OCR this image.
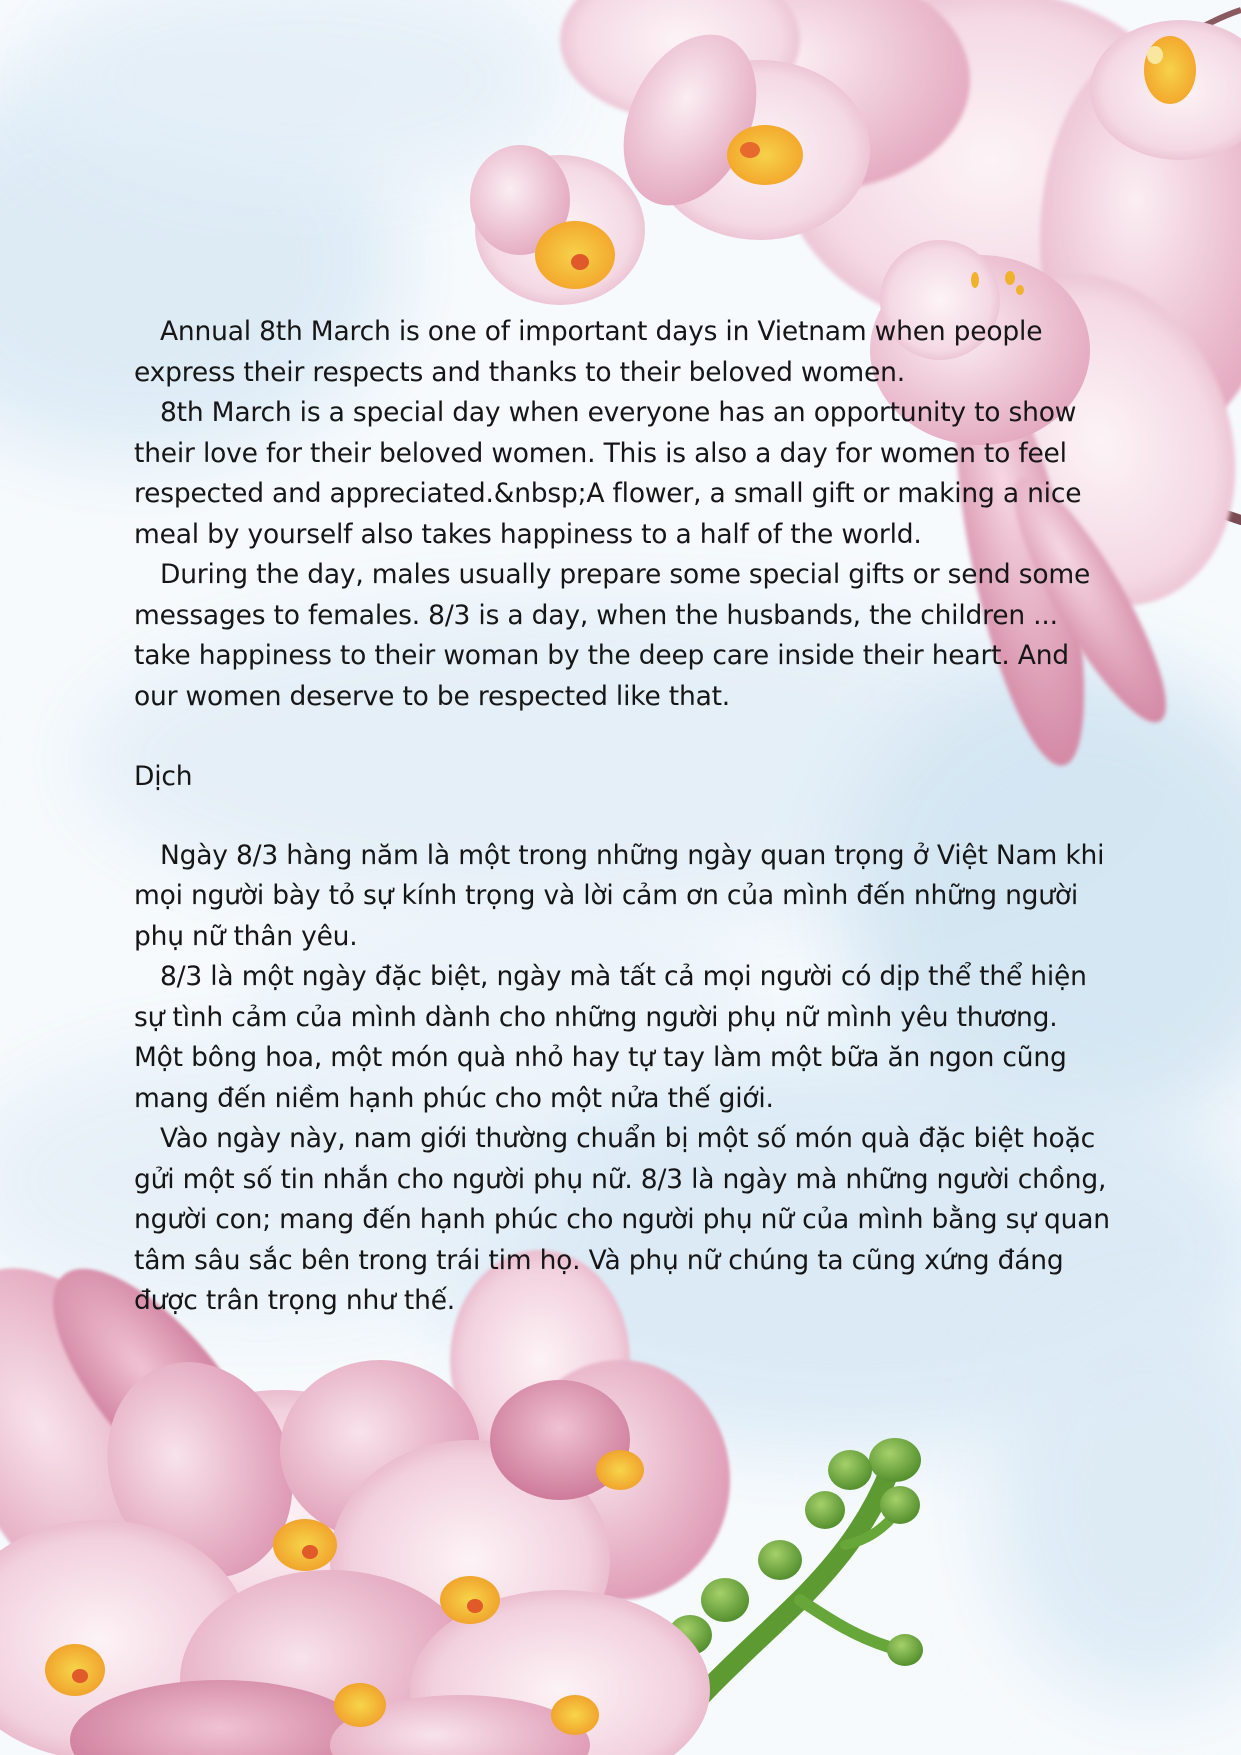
Annual 8th March is one of important days in Vietnam when people express their respects and thanks to their beloved women.

8th March is a special day when everyone has an opportunity to show their love for their beloved women. This is also a day for women to feel respected and appreciated.&nbsp;A flower, a small gift or making a nice meal by yourself also takes happiness to a half of the world.

During the day, males usually prepare some special gifts or send some messages to females. 8/3 is a day, when the husbands, the children ... take happiness to their woman by the deep care inside their heart. And our women deserve to be respected like that.

Dịch

Ngày 8/3 hàng năm là một trong những ngày quan trọng ở Việt Nam khi mọi người bày tỏ sự kính trọng và lời cảm ơn của mình đến những người phụ nữ thân yêu.

8/3 là một ngày đặc biệt, ngày mà tất cả mọi người có dịp thể thể hiện sự tình cảm của mình dành cho những người phụ nữ mình yêu thương. Một bông hoa, một món quà nhỏ hay tự tay làm một bữa ăn ngon cũng mang đến niềm hạnh phúc cho một nửa thế giới.

Vào ngày này, nam giới thường chuẩn bị một số món quà đặc biệt hoặc gửi một số tin nhắn cho người phụ nữ. 8/3 là ngày mà những người chồng, người con; mang đến hạnh phúc cho người phụ nữ của mình bằng sự quan tâm sâu sắc bên trong trái tim họ. Và phụ nữ chúng ta cũng xứng đáng được trân trọng như thế.
